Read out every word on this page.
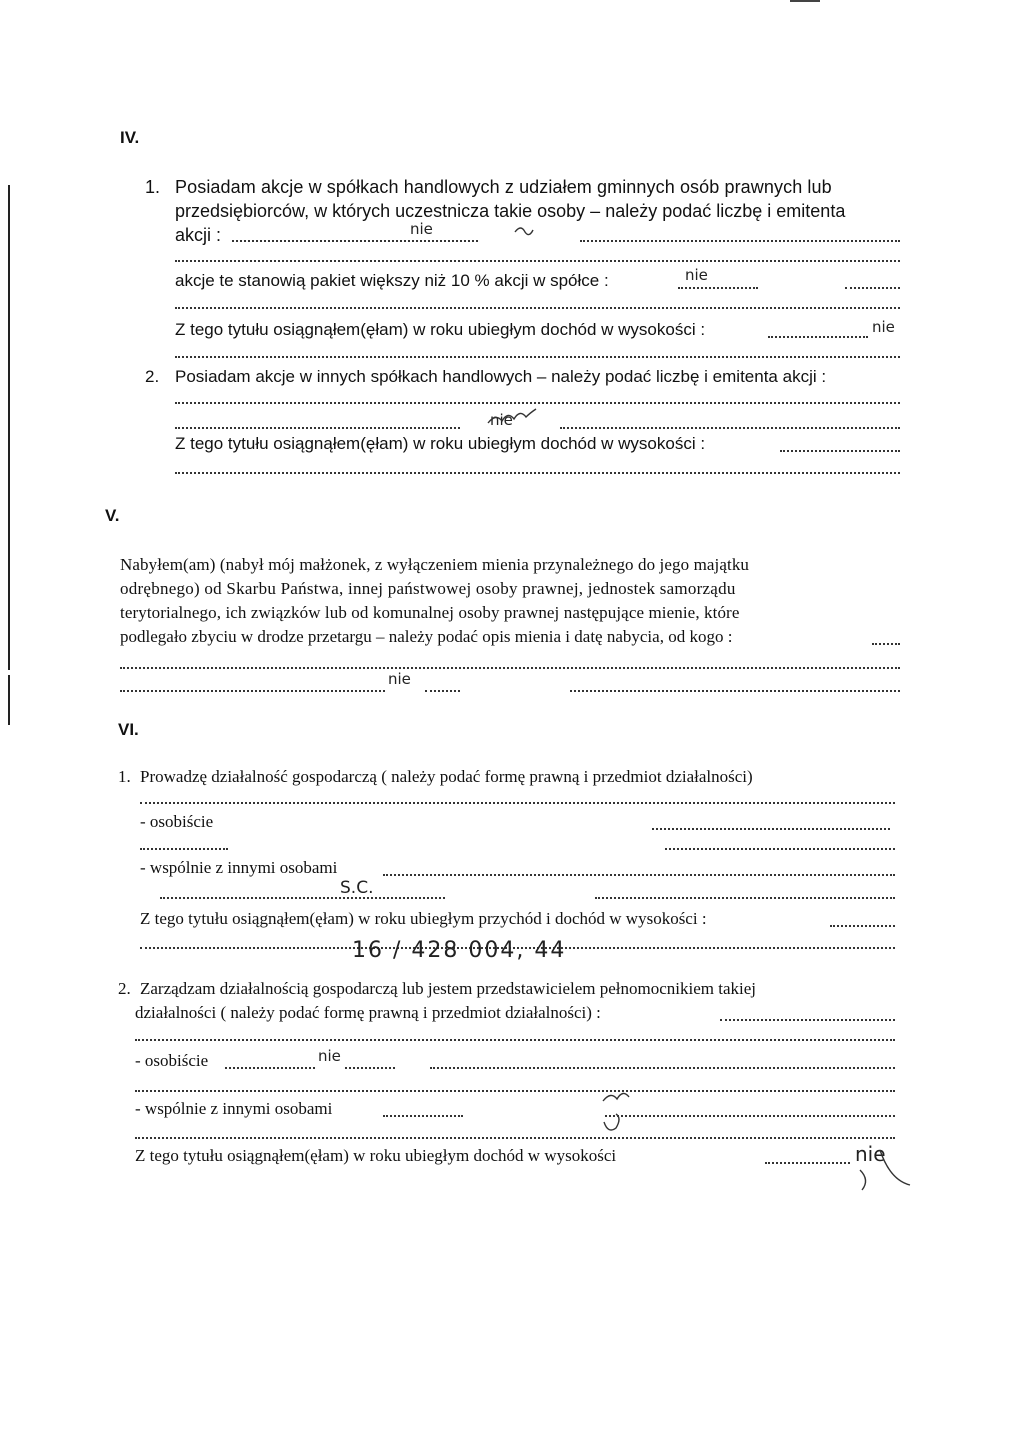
IV.
1. Posiadam akcje w spółkach handlowych z udziałem gminnych osób prawnych lub
przedsiębiorców, w których uczestnicza takie osoby – należy podać liczbę i emitenta
akcji :	nie
akcje te stanowią pakiet większy niż 10 % akcji w spółce :	nie
Z tego tytułu osiągnąłem(ęłam) w roku ubiegłym dochód w wysokości :	nie
2. Posiadam akcje w innych spółkach handlowych – należy podać liczbę i emitenta akcji :
nie
Z tego tytułu osiągnąłem(ęłam) w roku ubiegłym dochód w wysokości :
V.
Nabyłem(am) (nabył mój małżonek, z wyłączeniem mienia przynależnego do jego majątku
odrębnego) od Skarbu Państwa, innej państwowej osoby prawnej, jednostek samorządu
terytorialnego, ich związków lub od komunalnej osoby prawnej następujące mienie, które
podlegało zbyciu w drodze przetargu – należy podać opis mienia i datę nabycia, od kogo :
nie
VI.
1. Prowadzę działalność gospodarczą ( należy podać formę prawną i przedmiot działalności)
- osobiście
- wspólnie z innymi osobami
S.C.
Z tego tytułu osiągnąłem(ęłam) w roku ubiegłym przychód i dochód w wysokości :
16 / 428 004, 44
2. Zarządzam działalnością gospodarczą lub jestem przedstawicielem pełnomocnikiem takiej
działalności ( należy podać formę prawną i przedmiot działalności) :
- osobiście	nie
- wspólnie z innymi osobami
Z tego tytułu osiągnąłem(ęłam) w roku ubiegłym dochód w wysokości	nie
